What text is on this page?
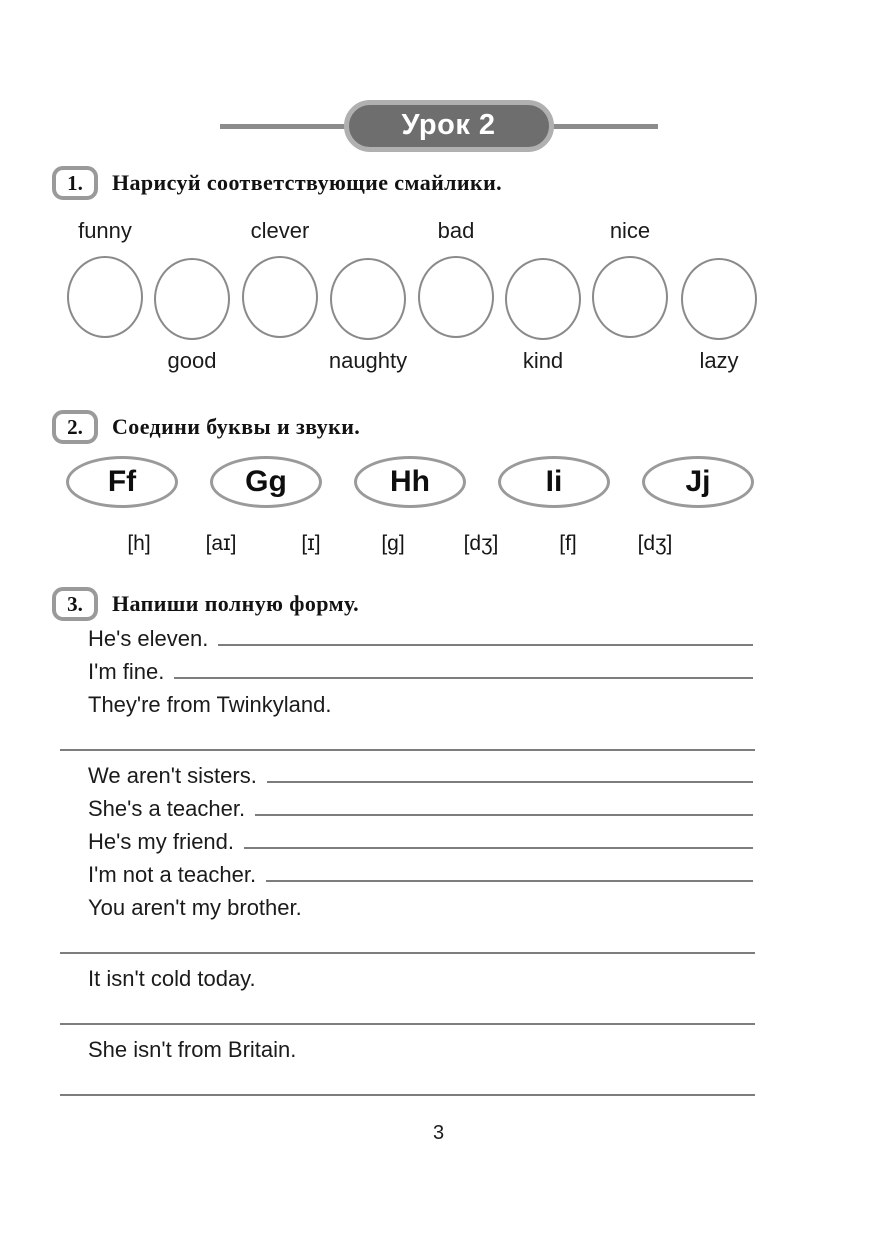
Урок 2
1.	Нарисуй соответствующие смайлики.
funny
good
clever
naughty
bad
kind
nice
lazy
2.	Соедини буквы и звуки.
Ff	Gg	Hh	Ii	Jj
[h]	[aɪ]	[ɪ]	[g]	[dʒ]	[f]	[dʒ]
3.	Напиши полную форму.
He's eleven.
I'm fine.
They're from Twinkyland.
We aren't sisters.
She's a teacher.
He's my friend.
I'm not a teacher.
You aren't my brother.
It isn't cold today.
She isn't from Britain.
3
